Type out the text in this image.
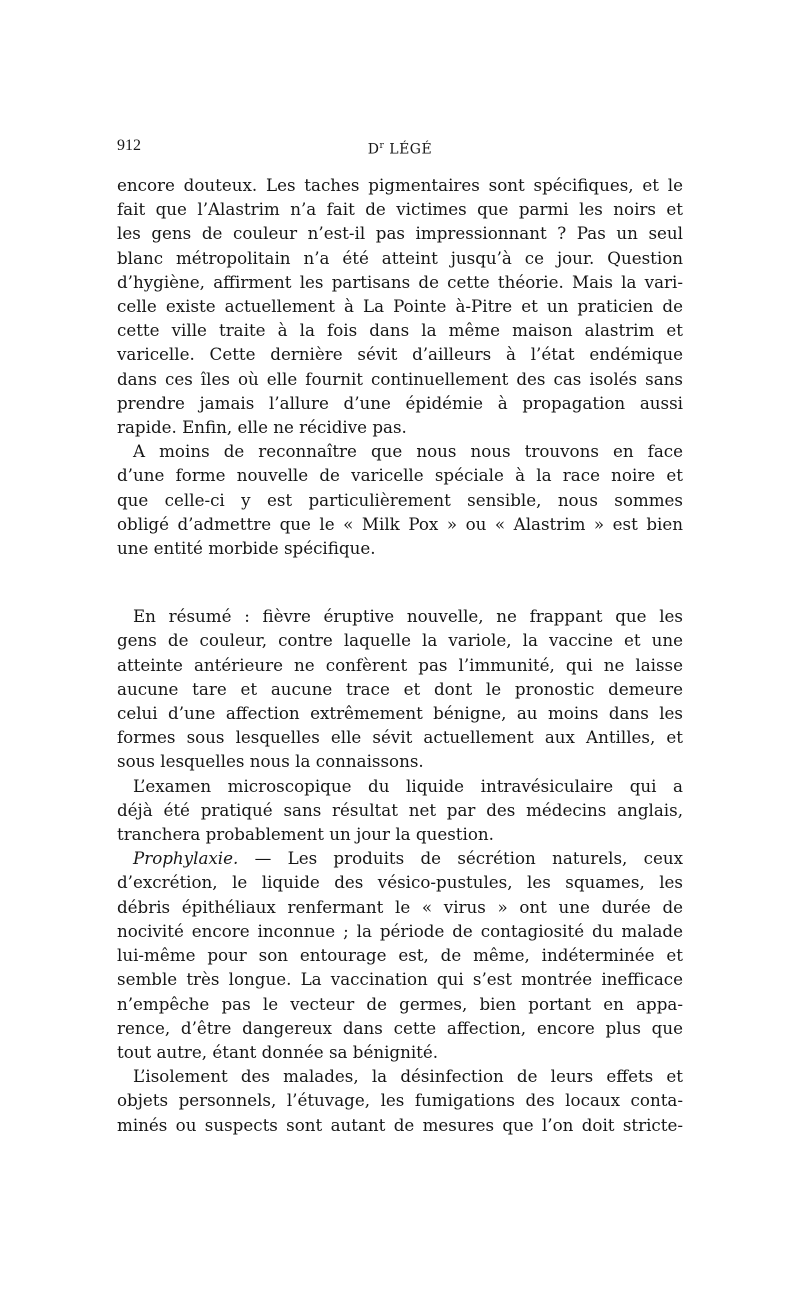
912	$D^r$ LÉGÉ

encore douteux. Les taches pigmentaires sont spécifiques, et le
fait que l’Alastrim n’a fait de victimes que parmi les noirs et
les gens de couleur n’est-il pas impressionnant ? Pas un seul
blanc métropolitain n’a été atteint jusqu’à ce jour. Question
d’hygiène, affirment les partisans de cette théorie. Mais la vari-
celle existe actuellement à La Pointe à-Pitre et un praticien de
cette ville traite à la fois dans la même maison alastrim et
varicelle. Cette dernière sévit d’ailleurs à l’état endémique
dans ces îles où elle fournit continuellement des cas isolés sans
prendre jamais l’allure d’une épidémie à propagation aussi
rapide. Enfin, elle ne récidive pas.

A moins de reconnaître que nous nous trouvons en face
d’une forme nouvelle de varicelle spéciale à la race noire et
que celle-ci y est particulièrement sensible, nous sommes
obligé d’admettre que le « Milk Pox » ou « Alastrim » est bien
une entité morbide spécifique.

En résumé : fièvre éruptive nouvelle, ne frappant que les
gens de couleur, contre laquelle la variole, la vaccine et une
atteinte antérieure ne confèrent pas l’immunité, qui ne laisse
aucune tare et aucune trace et dont le pronostic demeure
celui d’une affection extrêmement bénigne, au moins dans les
formes sous lesquelles elle sévit actuellement aux Antilles, et
sous lesquelles nous la connaissons.

L’examen microscopique du liquide intravésiculaire qui a
déjà été pratiqué sans résultat net par des médecins anglais,
tranchera probablement un jour la question.

Prophylaxie. — Les produits de sécrétion naturels, ceux
d’excrétion, le liquide des vésico-pustules, les squames, les
débris épithéliaux renfermant le « virus » ont une durée de
nocivité encore inconnue ; la période de contagiosité du malade
lui-même pour son entourage est, de même, indéterminée et
semble très longue. La vaccination qui s’est montrée inefficace
n’empêche pas le vecteur de germes, bien portant en appa-
rence, d’être dangereux dans cette affection, encore plus que
tout autre, étant donnée sa bénignité.

L’isolement des malades, la désinfection de leurs effets et
objets personnels, l’étuvage, les fumigations des locaux conta-
minés ou suspects sont autant de mesures que l’on doit stricte-
